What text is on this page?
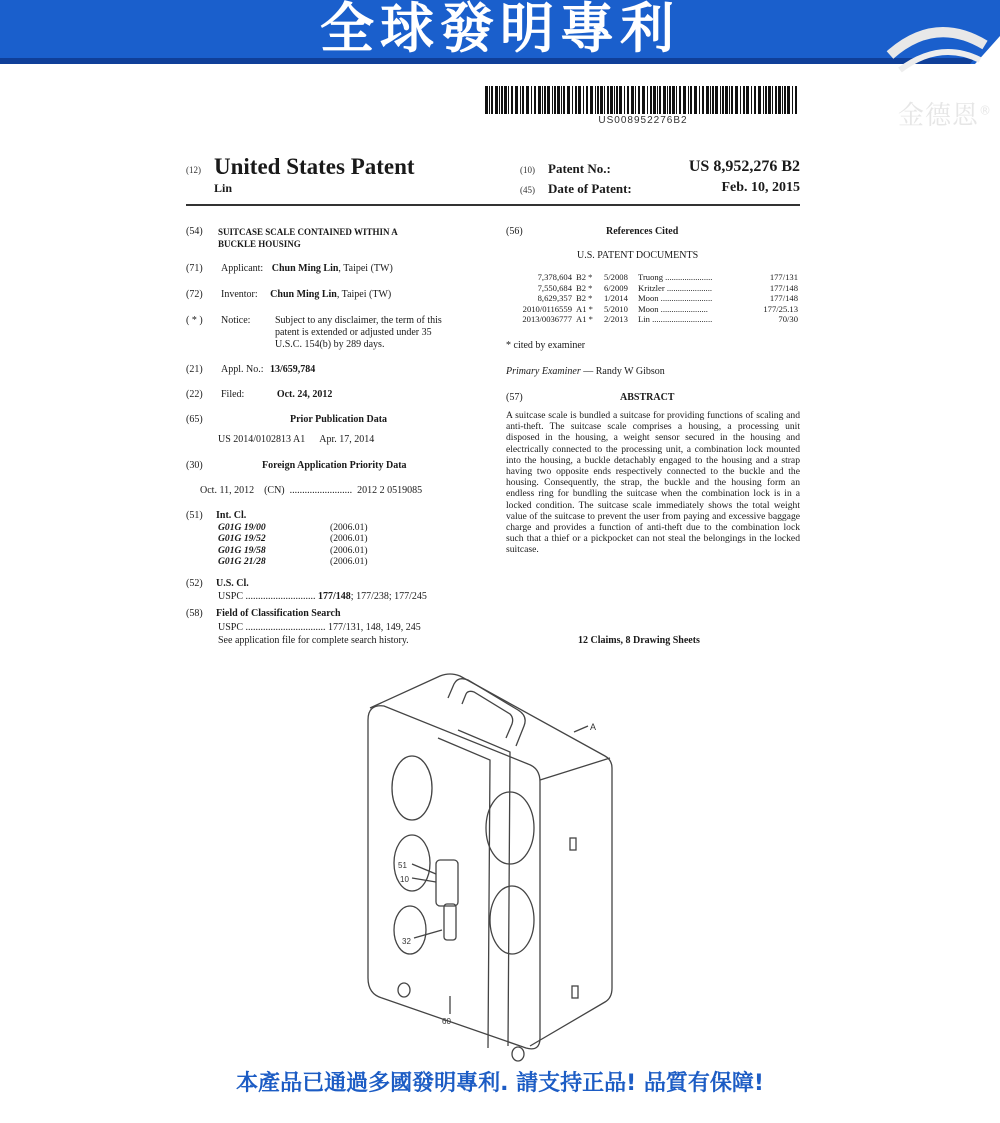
全球發明專利
金德恩®
US008952276B2
(12) United States Patent
Lin
(10) Patent No.:	US 8,952,276 B2
(45) Date of Patent:	Feb. 10, 2015
(54)	SUITCASE SCALE CONTAINED WITHIN A
BUCKLE HOUSING
(71) Applicant: Chun Ming Lin, Taipei (TW)
(72) Inventor: Chun Ming Lin, Taipei (TW)
( * ) Notice: Subject to any disclaimer, the term of this
patent is extended or adjusted under 35
U.S.C. 154(b) by 289 days.
(21) Appl. No.: 13/659,784
(22) Filed:	Oct. 24, 2012
(65)	Prior Publication Data
US 2014/0102813 A1 Apr. 17, 2014
(30)	Foreign Application Priority Data
Oct. 11, 2012    (CN)  .........................  2012 2 0519085
(51) Int. Cl.
G01G 19/00	(2006.01)
G01G 19/52	(2006.01)
G01G 19/58	(2006.01)
G01G 21/28	(2006.01)
(52) U.S. Cl.
USPC ............................ 177/148; 177/238; 177/245
(58) Field of Classification Search
USPC ................................ 177/131, 148, 149, 245
See application file for complete search history.
(56)	References Cited
U.S. PATENT DOCUMENTS
7,378,604 B2 *	5/2008	Truong ......................	177/131
7,550,684 B2 *	6/2009	Kritzler .....................	177/148
8,629,357 B2 *	1/2014	Moon ........................	177/148
2010/0116559 A1 *	5/2010	Moon ......................	177/25.13
2013/0036777 A1 *	2/2013	Lin ............................	70/30
* cited by examiner
Primary Examiner — Randy W Gibson
(57)	ABSTRACT
A suitcase scale is bundled a suitcase for providing functions of scaling and anti-theft. The suitcase scale comprises a housing, a processing unit disposed in the housing, a weight sensor secured in the housing and electrically connected to the processing unit, a combination lock mounted into the housing, a buckle detachably engaged to the housing and a strap having two opposite ends respectively connected to the buckle and the housing. Consequently, the strap, the buckle and the housing form an endless ring for bundling the suitcase when the combination lock is in a locked condition. The suitcase scale immediately shows the total weight value of the suitcase to prevent the user from paying and excessive baggage charge and provides a function of anti-theft due to the combination lock such that a thief or a pickpocket can not steal the belongings in the locked suitcase.
12 Claims, 8 Drawing Sheets
A
51
10
32
60
本產品已通過多國發明專利. 請支持正品! 品質有保障!
